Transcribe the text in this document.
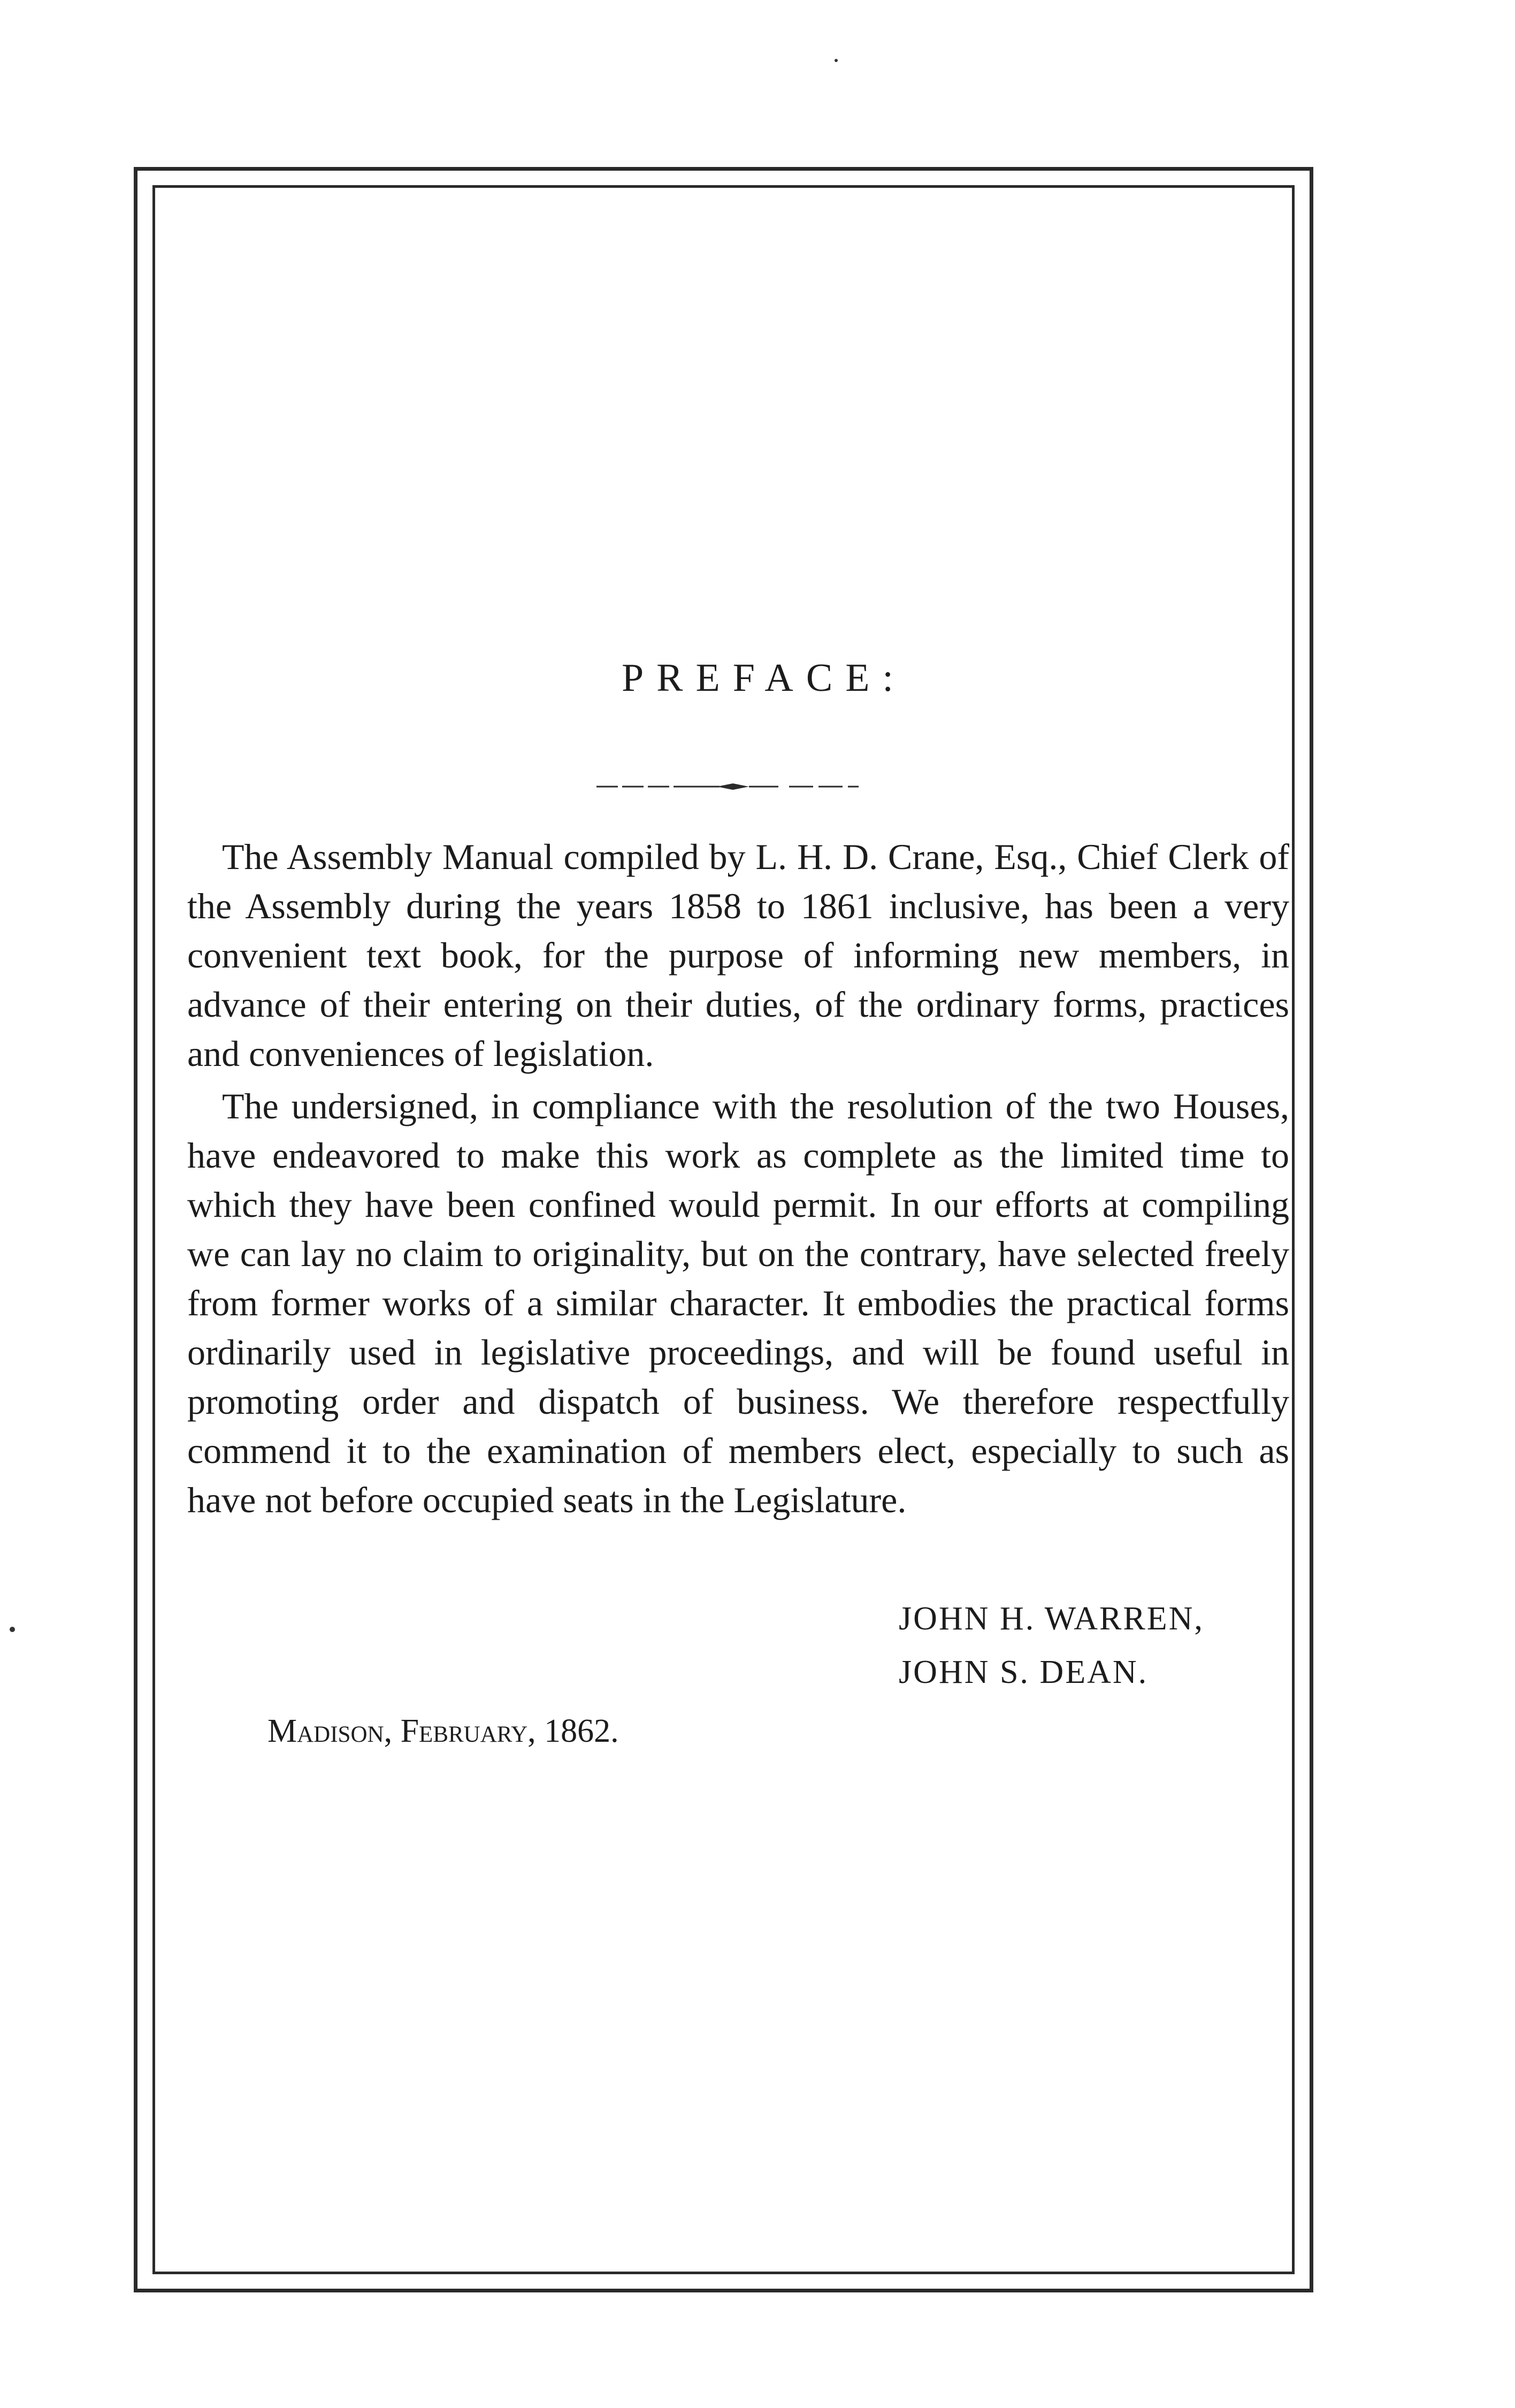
PREFACE:

The Assembly Manual compiled by L. H. D. Crane, Esq., Chief Clerk of the Assembly during the years 1858 to 1861 inclusive, has been a very convenient text book, for the purpose of informing new members, in advance of their entering on their duties, of the ordinary forms, practices and conveniences of legislation.

The undersigned, in compliance with the resolution of the two Houses, have endeavored to make this work as complete as the limited time to which they have been confined would permit. In our efforts at compiling we can lay no claim to originality, but on the contrary, have selected freely from former works of a similar character. It embodies the practical forms ordinarily used in legislative proceedings, and will be found useful in promoting order and dispatch of business. We therefore respectfully commend it to the examination of members elect, especially to such as have not before occupied seats in the Legislature.

JOHN H. WARREN,
JOHN S. DEAN.
Madison, February, 1862.
